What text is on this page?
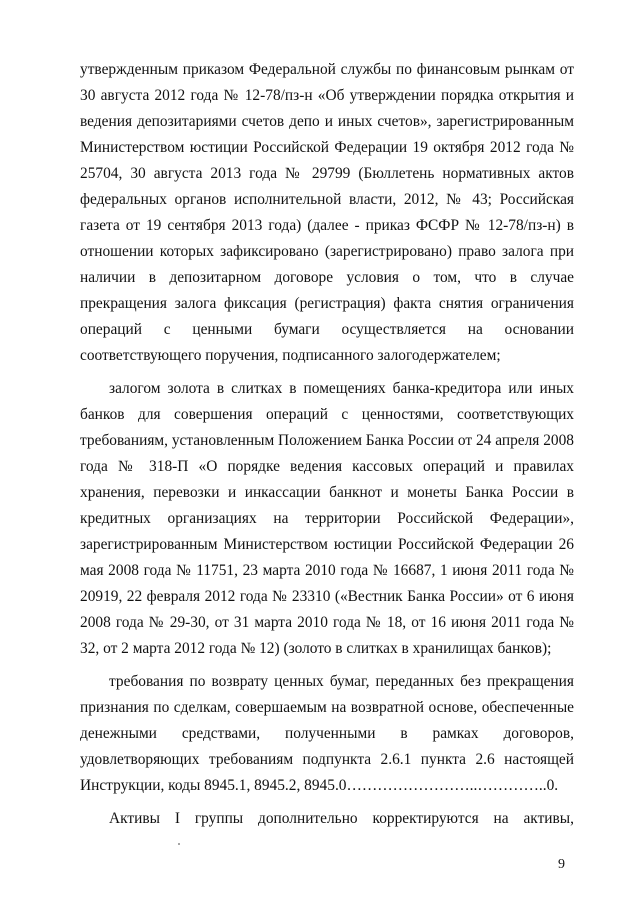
утвержденным приказом Федеральной службы по финансовым рынкам от 30 августа 2012 года № 12-78/пз-н «Об утверждении порядка открытия и ведения депозитариями счетов депо и иных счетов», зарегистрированным Министерством юстиции Российской Федерации 19 октября 2012 года № 25704, 30 августа 2013 года № 29799 (Бюллетень нормативных актов федеральных органов исполнительной власти, 2012, № 43; Российская газета от 19 сентября 2013 года) (далее - приказ ФСФР № 12-78/пз-н) в отношении которых зафиксировано (зарегистрировано) право залога при наличии в депозитарном договоре условия о том, что в случае прекращения залога фиксация (регистрация) факта снятия ограничения операций с ценными бумаги осуществляется на основании соответствующего поручения, подписанного залогодержателем;

залогом золота в слитках в помещениях банка-кредитора или иных банков для совершения операций с ценностями, соответствующих требованиям, установленным Положением Банка России от 24 апреля 2008 года № 318-П «О порядке ведения кассовых операций и правилах хранения, перевозки и инкассации банкнот и монеты Банка России в кредитных организациях на территории Российской Федерации», зарегистрированным Министерством юстиции Российской Федерации 26 мая 2008 года № 11751, 23 марта 2010 года № 16687, 1 июня 2011 года № 20919, 22 февраля 2012 года № 23310 («Вестник Банка России» от 6 июня 2008 года № 29-30, от 31 марта 2010 года № 18, от 16 июня 2011 года № 32, от 2 марта 2012 года № 12) (золото в слитках в хранилищах банков);

требования по возврату ценных бумаг, переданных без прекращения признания по сделкам, совершаемым на возвратной основе, обеспеченные денежными средствами, полученными в рамках договоров, удовлетворяющих требованиям подпункта 2.6.1 пункта 2.6 настоящей Инструкции, коды 8945.1, 8945.2, 8945.0……………………..…………..0.

Активы I группы дополнительно корректируются на активы,

9
